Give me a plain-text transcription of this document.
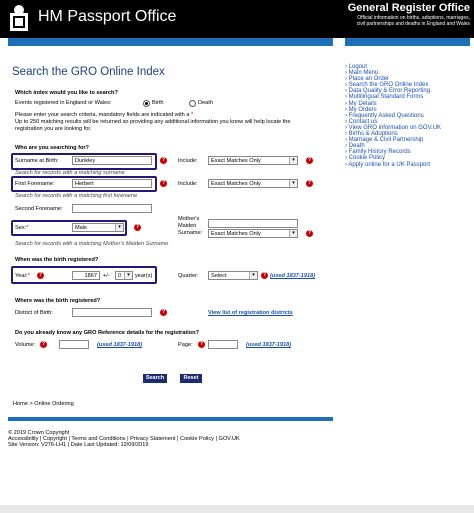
HM Passport Office	General Register Office
Official information on births, adoptions, marriages,
civil partnerships and deaths in England and Wales
Search the GRO Online Index
Which index would you like to search?
Events registered in England or Wales:	Birth	Death
Please enter your search criteria, mandatory fields are indicated with a *
Up to 250 matching results will be returned so providing any additional information you know will help locate the
registration you are looking for.
Who are you searching for?
Surname at Birth:	Dunkley	?	Include:	Exact Matches Only	▾	?
Search for records with a matching surname
First Forename:	Herbert	?	Include:	Exact Matches Only	▾	?
Search for records with a matching first forename
Second Forename:
Mother's
Maiden
Surname:	Exact Matches Only	▾	?
Sex:*	Male	▾	?
Search for records with a matching Mother's Maiden Surname
When was the birth registered?
Year:*	?	1867	+/-	0	▾ year(s)	Quarter:	Select	▾	? (used 1837-1918)
Where was the birth registered?
District of Birth:	?	View list of registration districts
Do you already know any GRO Reference details for the registration?
Volume:	?	(used 1837-1918)	Page:	?	(used 1837-1918)
Search	Reset
Home > Online Ordering
© 2019 Crown Copyright
Accessibility | Copyright | Terms and Conditions | Privacy Statement | Cookie Policy | GOV.UK
Site Version: V276-LH1 | Date Last Updated: 12/09/2019
› Logout
› Main Menu
› Place an Order
› Search the GRO Online Index
› Data Quality & Error Reporting
› Multilingual Standard Forms
› My Details
› My Orders
› Frequently Asked Questions
› Contact us
› View GRO information on GOV.UK
› Births & Adoptions
› Marriage & Civil Partnership
› Death
› Family History Records
› Cookie Policy
› Apply online for a UK Passport
